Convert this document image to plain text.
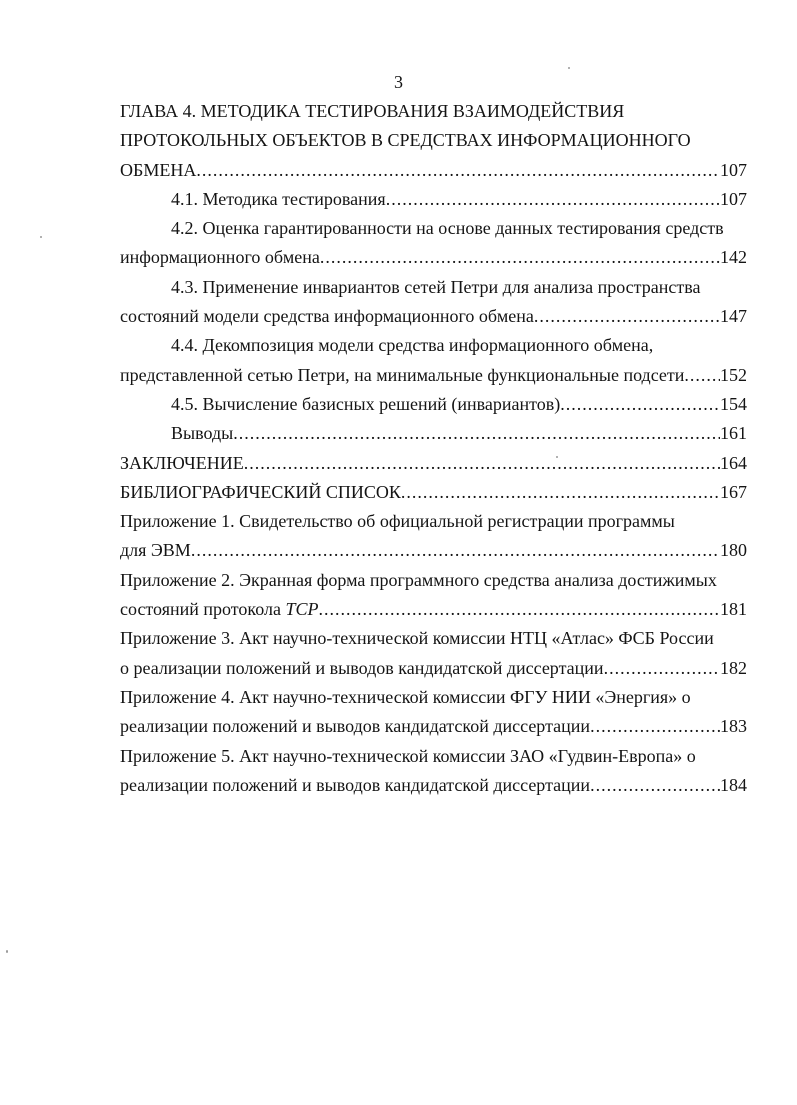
3
ГЛАВА 4. МЕТОДИКА ТЕСТИРОВАНИЯ ВЗАИМОДЕЙСТВИЯ
ПРОТОКОЛЬНЫХ ОБЪЕКТОВ В СРЕДСТВАХ ИНФОРМАЦИОННОГО
ОБМЕНА .....	107
4.1. Методика тестирования .....	107
4.2. Оценка гарантированности на основе данных тестирования средств
информационного обмена .....	142
4.3. Применение инвариантов сетей Петри для анализа пространства
состояний модели средства информационного обмена .....	147
4.4. Декомпозиция модели средства информационного обмена,
представленной сетью Петри, на минимальные функциональные подсети ..... 152
4.5. Вычисление базисных решений (инвариантов) .....	154
Выводы .....	161
ЗАКЛЮЧЕНИЕ .....	164
БИБЛИОГРАФИЧЕСКИЙ СПИСОК .....	167
Приложение 1. Свидетельство об официальной регистрации программы
для ЭВМ .....	180
Приложение 2. Экранная форма программного средства анализа достижимых
состояний протокола TCP .....	181
Приложение 3. Акт научно-технической комиссии НТЦ «Атлас» ФСБ России
о реализации положений и выводов кандидатской диссертации .....	182
Приложение 4. Акт научно-технической комиссии ФГУ НИИ «Энергия» о
реализации положений и выводов кандидатской диссертации .....	183
Приложение 5. Акт научно-технической комиссии ЗАО «Гудвин-Европа» о
реализации положений и выводов кандидатской диссертации .....	184
